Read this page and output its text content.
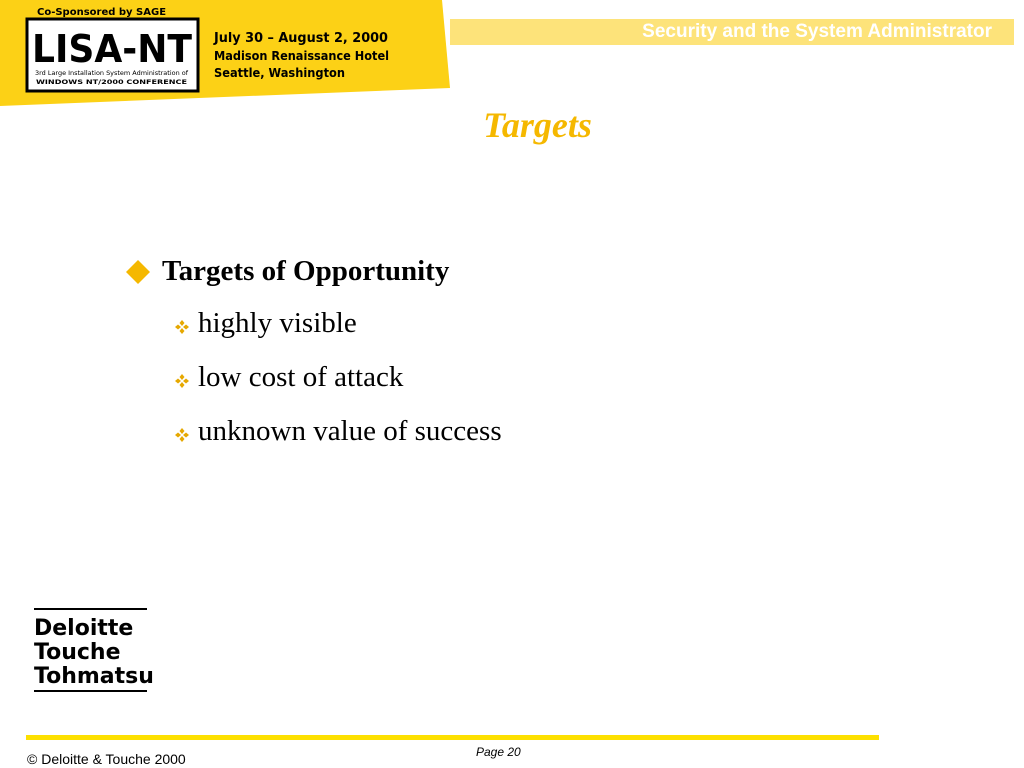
Co-Sponsored by SAGE
LISA-NT
3rd Large Installation System Administration of
WINDOWS NT/2000 CONFERENCE
July 30 – August 2, 2000
Madison Renaissance Hotel
Seattle, Washington
Security and the System Administrator
Targets
Targets of Opportunity
highly visible
low cost of attack
unknown value of success
Deloitte
Touche
Tohmatsu
Page 20
© Deloitte & Touche 2000
